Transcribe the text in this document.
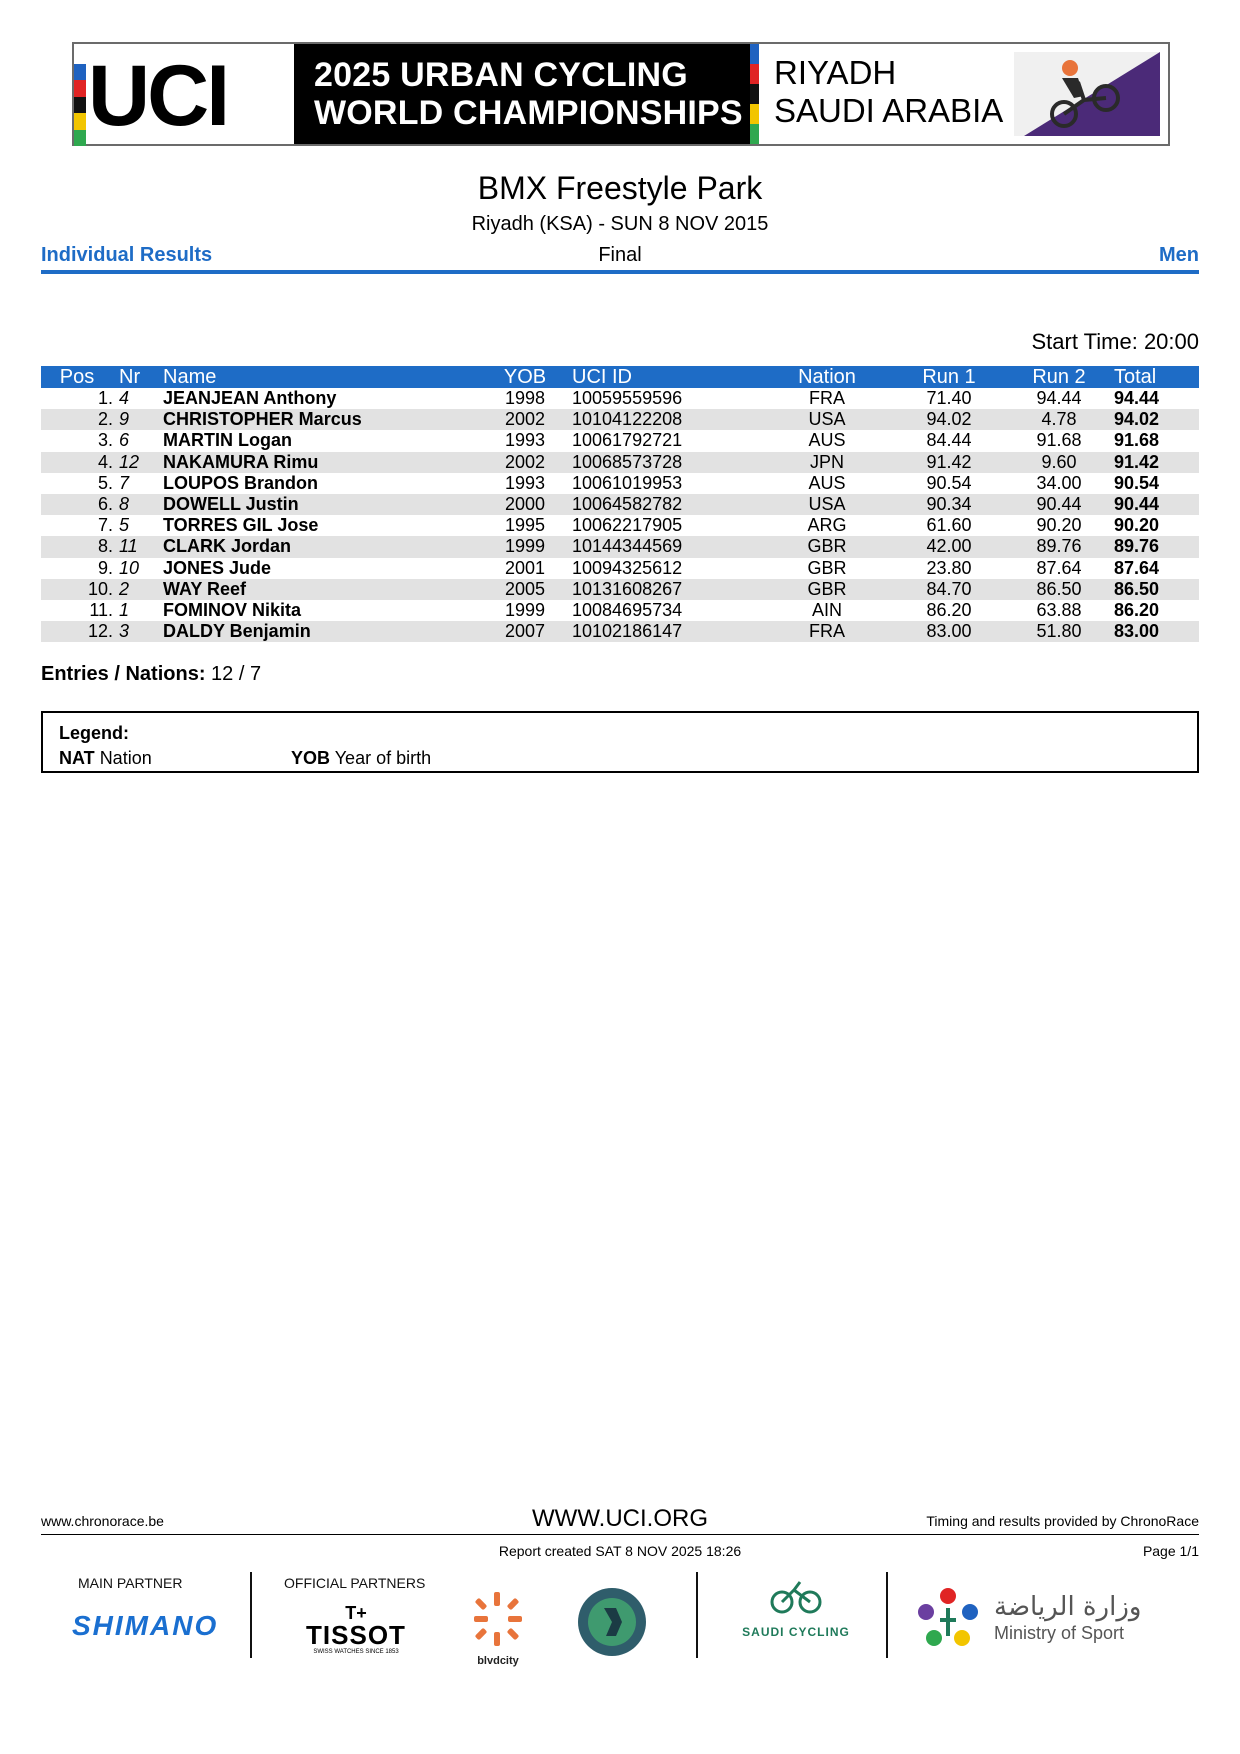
UCI	2025 URBAN CYCLING
WORLD CHAMPIONSHIPS
RIYADH
SAUDI ARABIA
BMX Freestyle Park
Riyadh (KSA) - SUN 8 NOV 2015
Individual Results	Final	Men
Start Time: 20:00
Pos	Nr	Name	YOB	UCI ID	Nation	Run 1	Run 2	Total
1.	4	JEANJEAN Anthony	1998	10059559596	FRA	71.40	94.44	94.44
2.	9	CHRISTOPHER Marcus	2002	10104122208	USA	94.02	4.78	94.02
3.	6	MARTIN Logan	1993	10061792721	AUS	84.44	91.68	91.68
4.	12	NAKAMURA Rimu	2002	10068573728	JPN	91.42	9.60	91.42
5.	7	LOUPOS Brandon	1993	10061019953	AUS	90.54	34.00	90.54
6.	8	DOWELL Justin	2000	10064582782	USA	90.34	90.44	90.44
7.	5	TORRES GIL Jose	1995	10062217905	ARG	61.60	90.20	90.20
8.	11	CLARK Jordan	1999	10144344569	GBR	42.00	89.76	89.76
9.	10	JONES Jude	2001	10094325612	GBR	23.80	87.64	87.64
10.	2	WAY Reef	2005	10131608267	GBR	84.70	86.50	86.50
11.	1	FOMINOV Nikita	1999	10084695734	AIN	86.20	63.88	86.20
12.	3	DALDY Benjamin	2007	10102186147	FRA	83.00	51.80	83.00
Entries / Nations: 12 / 7
Legend:
NAT Nation	YOB Year of birth
www.chronorace.be	WWW.UCI.ORG	Timing and results provided by ChronoRace
Report created SAT 8 NOV 2025 18:26	Page 1/1
MAIN PARTNER	OFFICIAL PARTNERS
SHIMANO	T+
TISSOT
SWISS WATCHES SINCE 1853
blvdcity
SAUDI CYCLING
وزارة الرياضة
Ministry of Sport
